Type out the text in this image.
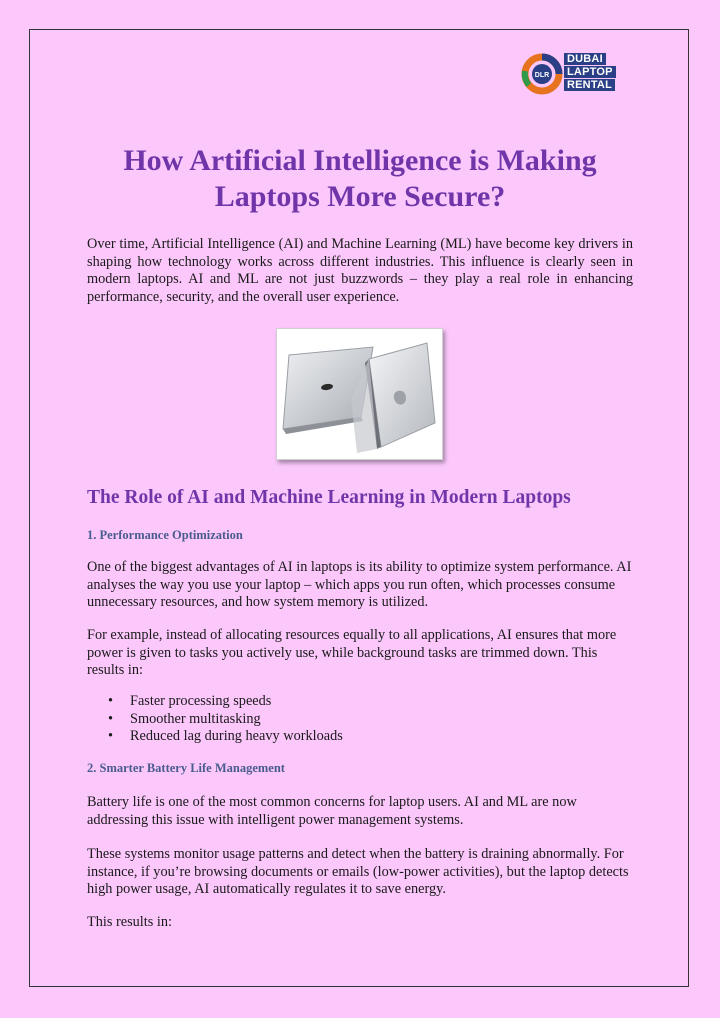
DLR
DUBAI
LAPTOP
RENTAL
How Artificial Intelligence is Making
Laptops More Secure?

Over time, Artificial Intelligence (AI) and Machine Learning (ML) have become key drivers in shaping how technology works across different industries. This influence is clearly seen in modern laptops. AI and ML are not just buzzwords – they play a real role in enhancing performance, security, and the overall user experience.

The Role of AI and Machine Learning in Modern Laptops
1. Performance Optimization

One of the biggest advantages of AI in laptops is its ability to optimize system performance. AI analyses the way you use your laptop – which apps you run often, which processes consume unnecessary resources, and how system memory is utilized.

For example, instead of allocating resources equally to all applications, AI ensures that more power is given to tasks you actively use, while background tasks are trimmed down. This results in:

• Faster processing speeds
• Smoother multitasking
• Reduced lag during heavy workloads
2. Smarter Battery Life Management

Battery life is one of the most common concerns for laptop users. AI and ML are now addressing this issue with intelligent power management systems.

These systems monitor usage patterns and detect when the battery is draining abnormally. For instance, if you’re browsing documents or emails (low-power activities), but the laptop detects high power usage, AI automatically regulates it to save energy.

This results in:
